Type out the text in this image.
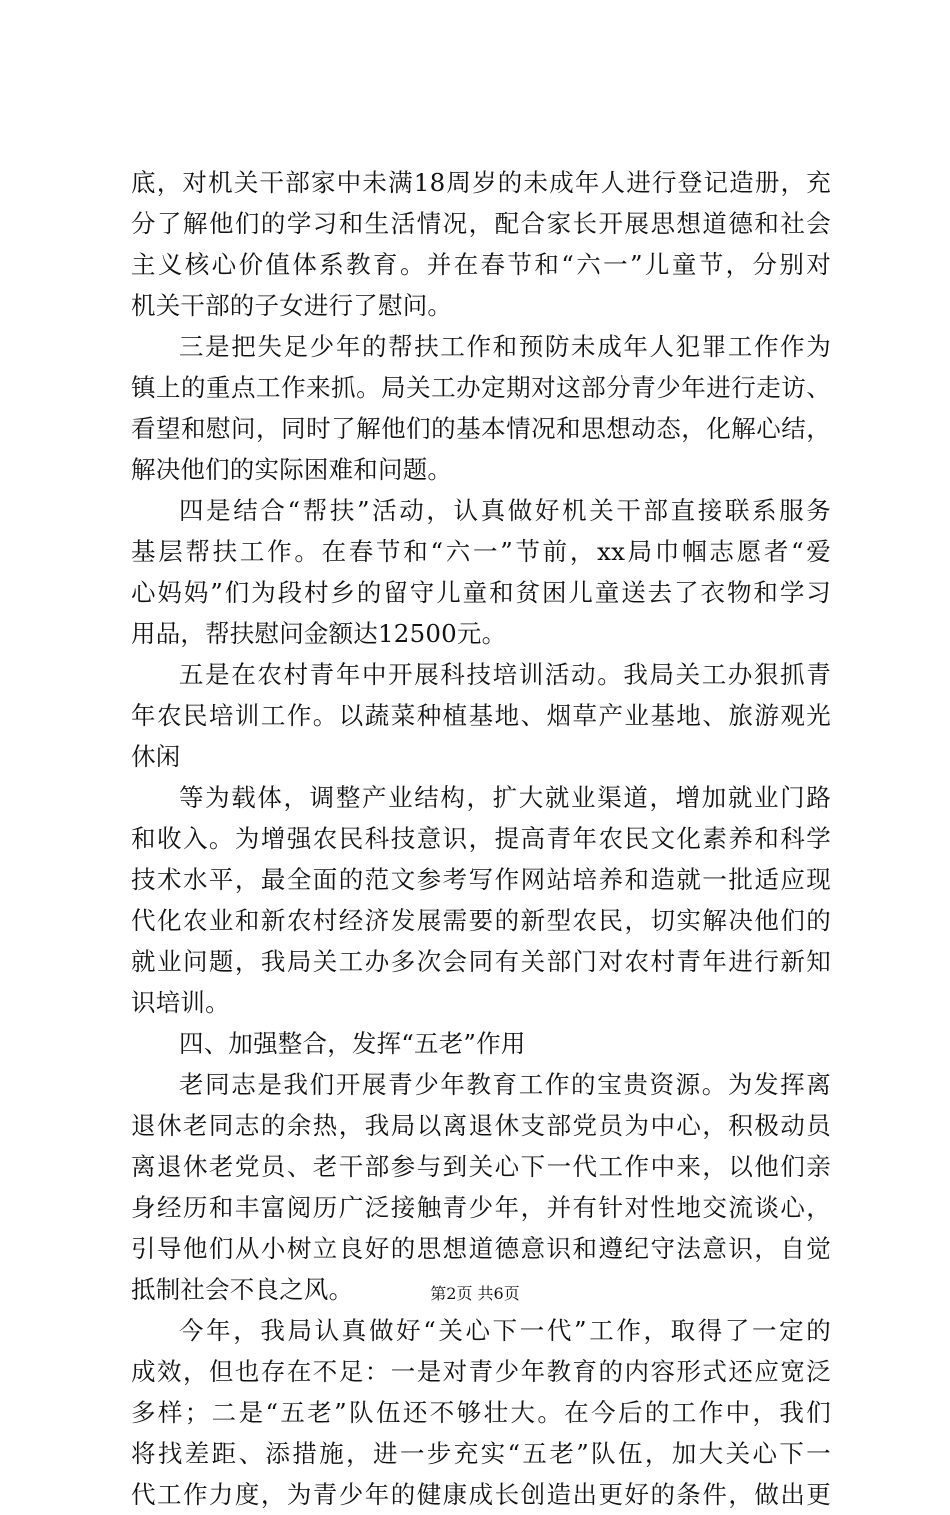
底，对机关干部家中未满18周岁的未成年人进行登记造册，充
分了解他们的学习和生活情况，配合家长开展思想道德和社会
主义核心价值体系教育。并在春节和“六一”儿童节，分别对
机关干部的子女进行了慰问。
三是把失足少年的帮扶工作和预防未成年人犯罪工作作为
镇上的重点工作来抓。局关工办定期对这部分青少年进行走访、
看望和慰问，同时了解他们的基本情况和思想动态，化解心结，
解决他们的实际困难和问题。
四是结合“帮扶”活动，认真做好机关干部直接联系服务
基层帮扶工作。在春节和“六一”节前，xx局巾帼志愿者“爱
心妈妈”们为段村乡的留守儿童和贫困儿童送去了衣物和学习
用品，帮扶慰问金额达12500元。
五是在农村青年中开展科技培训活动。我局关工办狠抓青
年农民培训工作。以蔬菜种植基地、烟草产业基地、旅游观光
休闲
等为载体，调整产业结构，扩大就业渠道，增加就业门路
和收入。为增强农民科技意识，提高青年农民文化素养和科学
技术水平，最全面的范文参考写作网站培养和造就一批适应现
代化农业和新农村经济发展需要的新型农民，切实解决他们的
就业问题，我局关工办多次会同有关部门对农村青年进行新知
识培训。
四、加强整合，发挥“五老”作用
老同志是我们开展青少年教育工作的宝贵资源。为发挥离
退休老同志的余热，我局以离退休支部党员为中心，积极动员
离退休老党员、老干部参与到关心下一代工作中来，以他们亲
身经历和丰富阅历广泛接触青少年，并有针对性地交流谈心，
引导他们从小树立良好的思想道德意识和遵纪守法意识，自觉
抵制社会不良之风。
今年，我局认真做好“关心下一代”工作，取得了一定的
成效，但也存在不足：一是对青少年教育的内容形式还应宽泛
多样；二是“五老”队伍还不够壮大。在今后的工作中，我们
将找差距、添措施，进一步充实“五老”队伍，加大关心下一
代工作力度，为青少年的健康成长创造出更好的条件，做出更
第2页 共6页
